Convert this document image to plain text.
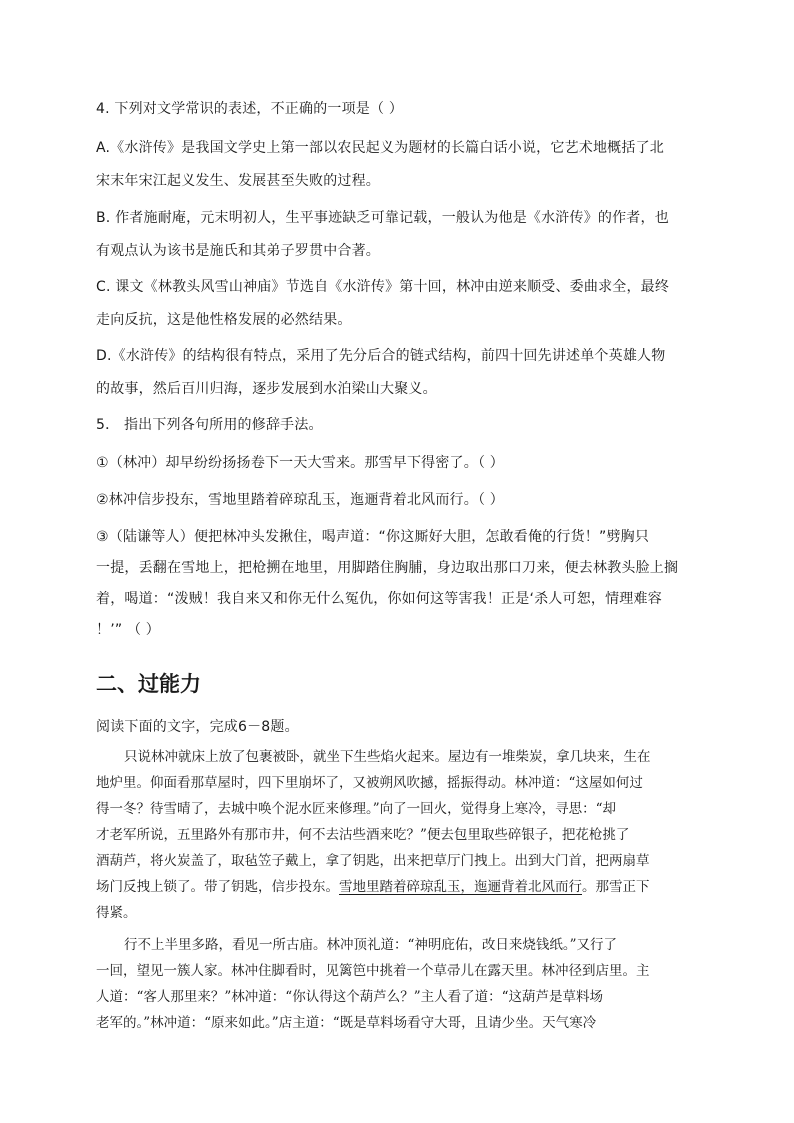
4. 下列对文学常识的表述，不正确的一项是（ ）
A.《水浒传》是我国文学史上第一部以农民起义为题材的长篇白话小说，它艺术地概括了北
宋末年宋江起义发生、发展甚至失败的过程。
B. 作者施耐庵，元末明初人，生平事迹缺乏可靠记载，一般认为他是《水浒传》的作者，也
有观点认为该书是施氏和其弟子罗贯中合著。
C. 课文《林教头风雪山神庙》节选自《水浒传》第十回，林冲由逆来顺受、委曲求全，最终
走向反抗，这是他性格发展的必然结果。
D.《水浒传》的结构很有特点，采用了先分后合的链式结构，前四十回先讲述单个英雄人物
的故事，然后百川归海，逐步发展到水泊梁山大聚义。
5． 指出下列各句所用的修辞手法。
①（林冲）却早纷纷扬扬卷下一天大雪来。那雪早下得密了。（ ）
②林冲信步投东，雪地里踏着碎琼乱玉，迤逦背着北风而行。（ ）
③（陆谦等人）便把林冲头发揪住，喝声道：“你这厮好大胆，怎敢看俺的行货！”劈胸只
一提，丢翻在雪地上，把枪搠在地里，用脚踏住胸脯，身边取出那口刀来，便去林教头脸上搁
着，喝道：“泼贼！我自来又和你无什么冤仇，你如何这等害我！正是‘杀人可恕，情理难容
！’” （ ）
二、过能力
阅读下面的文字，完成6－8题。
只说林冲就床上放了包裹被卧，就坐下生些焰火起来。屋边有一堆柴炭，拿几块来，生在
地炉里。仰面看那草屋时，四下里崩坏了，又被朔风吹撼，摇振得动。林冲道：“这屋如何过
得一冬？待雪晴了，去城中唤个泥水匠来修理。”向了一回火，觉得身上寒冷，寻思：“却
才老军所说，五里路外有那市井，何不去沽些酒来吃？”便去包里取些碎银子，把花枪挑了
酒葫芦，将火炭盖了，取毡笠子戴上，拿了钥匙，出来把草厅门拽上。出到大门首，把两扇草
场门反拽上锁了。带了钥匙，信步投东。雪地里踏着碎琼乱玉，迤逦背着北风而行。那雪正下
得紧。
行不上半里多路，看见一所古庙。林冲顶礼道：“神明庇佑，改日来烧钱纸。”又行了
一回，望见一簇人家。林冲住脚看时，见篱笆中挑着一个草帚儿在露天里。林冲径到店里。主
人道：“客人那里来？”林冲道：“你认得这个葫芦么？”主人看了道：“这葫芦是草料场
老军的。”林冲道：“原来如此。”店主道：“既是草料场看守大哥，且请少坐。天气寒冷
